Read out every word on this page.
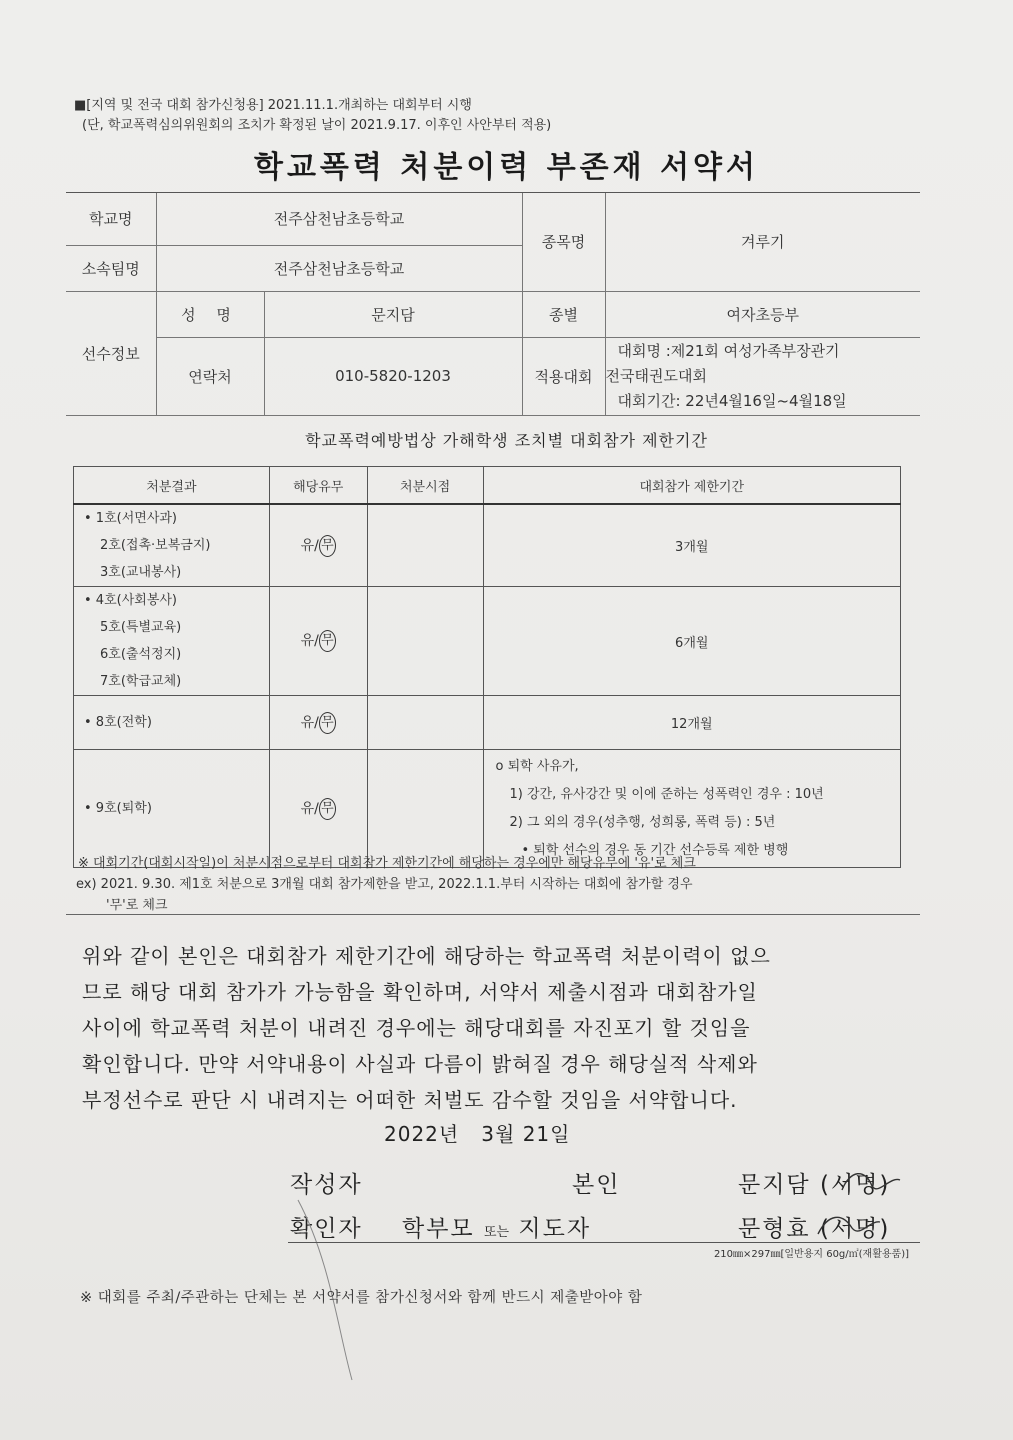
■[지역 및 전국 대회 참가신청용] 2021.11.1.개최하는 대회부터 시행
(단, 학교폭력심의위원회의 조치가 확정된 날이 2021.9.17. 이후인 사안부터 적용)
학교폭력 처분이력 부존재 서약서
학교명	전주삼천남초등학교		종목명	겨루기
소속팀명	전주삼천남초등학교			
선수정보	성 명	문지담	종별	여자초등부
	연락처	010-5820-1203	적용대회	대회명 :제21회 여성가족부장관기
전국태권도대회
대회기간: 22년4월16일~4월18일
학교폭력예방법상 가해학생 조치별 대회참가 제한기간
처분결과	해당유무	처분시점	대회참가 제한기간

• 1호(서면사과)
2호(접촉·보복금지)
3호(교내봉사)	유/ 무		3개월

• 4호(사회봉사)
5호(특별교육)
6호(출석정지)
7호(학급교체)	유/ 무		6개월

• 8호(전학)	유/ 무		12개월

• 9호(퇴학)	유/ 무		o 퇴학 사유가,
1) 강간, 유사강간 및 이에 준하는 성폭력인 경우 : 10년
2) 그 외의 경우(성추행, 성희롱, 폭력 등) : 5년
• 퇴학 선수의 경우 동 기간 선수등록 제한 병행
※ 대회기간(대회시작일)이 처분시점으로부터 대회참가 제한기간에 해당하는 경우에만 해당유무에 '유'로 체크
ex) 2021. 9.30. 제1호 처분으로 3개월 대회 참가제한을 받고, 2022.1.1.부터 시작하는 대회에 참가할 경우
'무'로 체크
위와 같이 본인은 대회참가 제한기간에 해당하는 학교폭력 처분이력이 없으
므로 해당 대회 참가가 가능함을 확인하며, 서약서 제출시점과 대회참가일
사이에 학교폭력 처분이 내려진 경우에는 해당대회를 자진포기 할 것임을
확인합니다. 만약 서약내용이 사실과 다름이 밝혀질 경우 해당실적 삭제와
부정선수로 판단 시 내려지는 어떠한 처벌도 감수할 것임을 서약합니다.
2022년   3월 21일
작성자	본인	문지담 (서명)
확인자 학부모 또는 지도자	문형효 (서명)
210㎜×297㎜[일반용지 60g/㎡(재활용품)]
※ 대회를 주최/주관하는 단체는 본 서약서를 참가신청서와 함께 반드시 제출받아야 함
